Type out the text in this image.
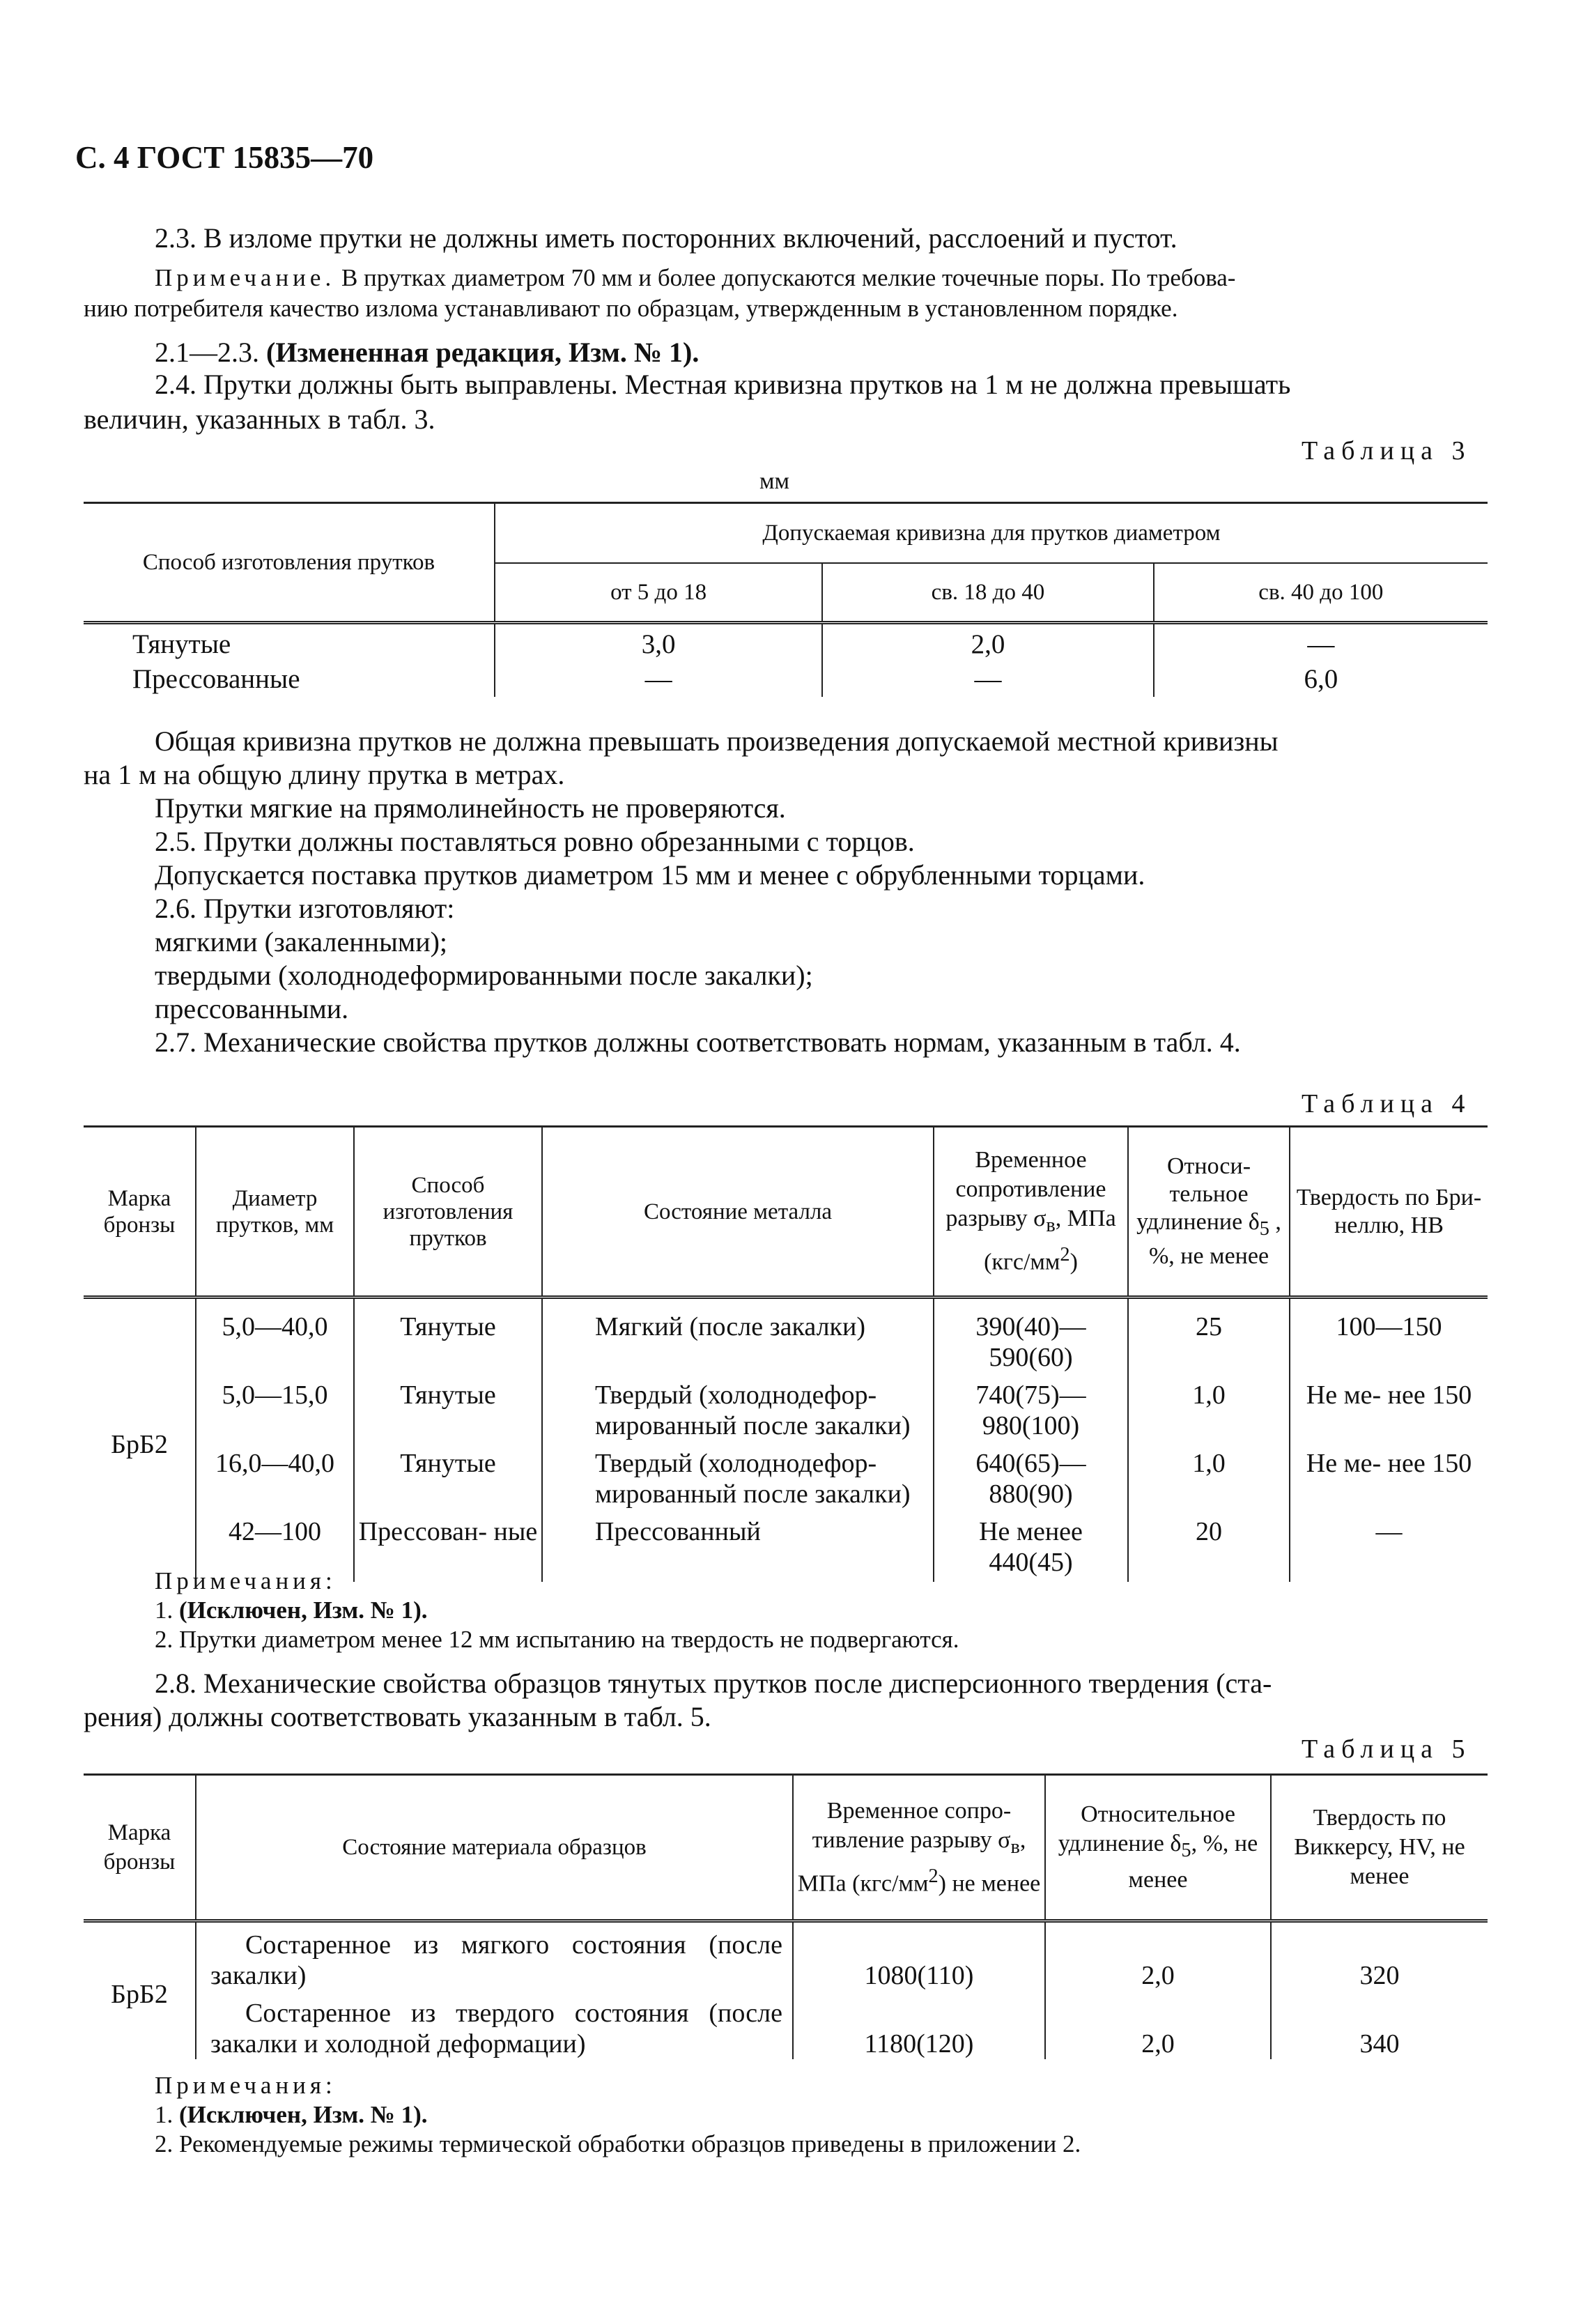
С. 4 ГОСТ 15835—70
2.3. В изломе прутки не должны иметь посторонних включений, расслоений и пустот.
Примечание. В прутках диаметром 70 мм и более допускаются мелкие точечные поры. По требова-
нию потребителя качество излома устанавливают по образцам, утвержденным в установленном порядке.
2.1—2.3. (Измененная редакция, Изм. № 1).
2.4. Прутки должны быть выправлены. Местная кривизна прутков на 1 м не должна превышать
величин, указанных в табл. 3.
Таблица 3
мм
Способ изготовления прутков	Допускаемая кривизна для прутков диаметром		
	от 5 до 18	св. 18 до 40	св. 40 до 100
Тянутые	3,0	2,0	—
Прессованные	—	—	6,0
Общая кривизна прутков не должна превышать произведения допускаемой местной кривизны
на 1 м на общую длину прутка в метрах.
Прутки мягкие на прямолинейность не проверяются.
2.5. Прутки должны поставляться ровно обрезанными с торцов.
Допускается поставка прутков диаметром 15 мм и менее с обрубленными торцами.
2.6. Прутки изготовляют:
мягкими (закаленными);
твердыми (холоднодеформированными после закалки);
прессованными.
2.7. Механические свойства прутков должны соответствовать нормам, указанным в табл. 4.
Таблица 4
Марка бронзы	Диаметр прутков, мм	Способ изготовления прутков	Состояние металла	Временное сопротивление разрыву $\sigma_в$, МПа $(кгс/мм^2)$	Относи- тельное удлинение $\delta_5$ , %, не менее	Твердость по Бри- неллю, НВ
БрБ2	5,0—40,0	Тянутые	Мягкий (после закалки)	390(40)— 590(60)	25	100—150
	5,0—15,0	Тянутые	Твердый (холоднодефор- мированный после закалки)	740(75)— 980(100)	1,0	Не ме- нее 150
	16,0—40,0	Тянутые	Твердый (холоднодефор- мированный после закалки)	640(65)— 880(90)	1,0	Не ме- нее 150
	42—100	Прессован- ные	Прессованный	Не менее 440(45)	20	—
Примечания:
1. (Исключен, Изм. № 1).
2. Прутки диаметром менее 12 мм испытанию на твердость не подвергаются.
2.8. Механические свойства образцов тянутых прутков после дисперсионного твердения (ста-
рения) должны соответствовать указанным в табл. 5.
Таблица 5
Марка бронзы	Состояние материала образцов	Временное сопро- тивление разрыву $\sigma_в$, МПа $(кгс/мм^2)$ не менее	Относительное удлинение $\delta_5$, %, не менее	Твердость по Виккерсу, HV, не менее
БрБ2	Состаренное из мягкого состояния (после закалки)	1080(110)	2,0	320
	Состаренное из твердого состояния (после закалки и холодной деформации)	1180(120)	2,0	340
Примечания:
1. (Исключен, Изм. № 1).
2. Рекомендуемые режимы термической обработки образцов приведены в приложении 2.
